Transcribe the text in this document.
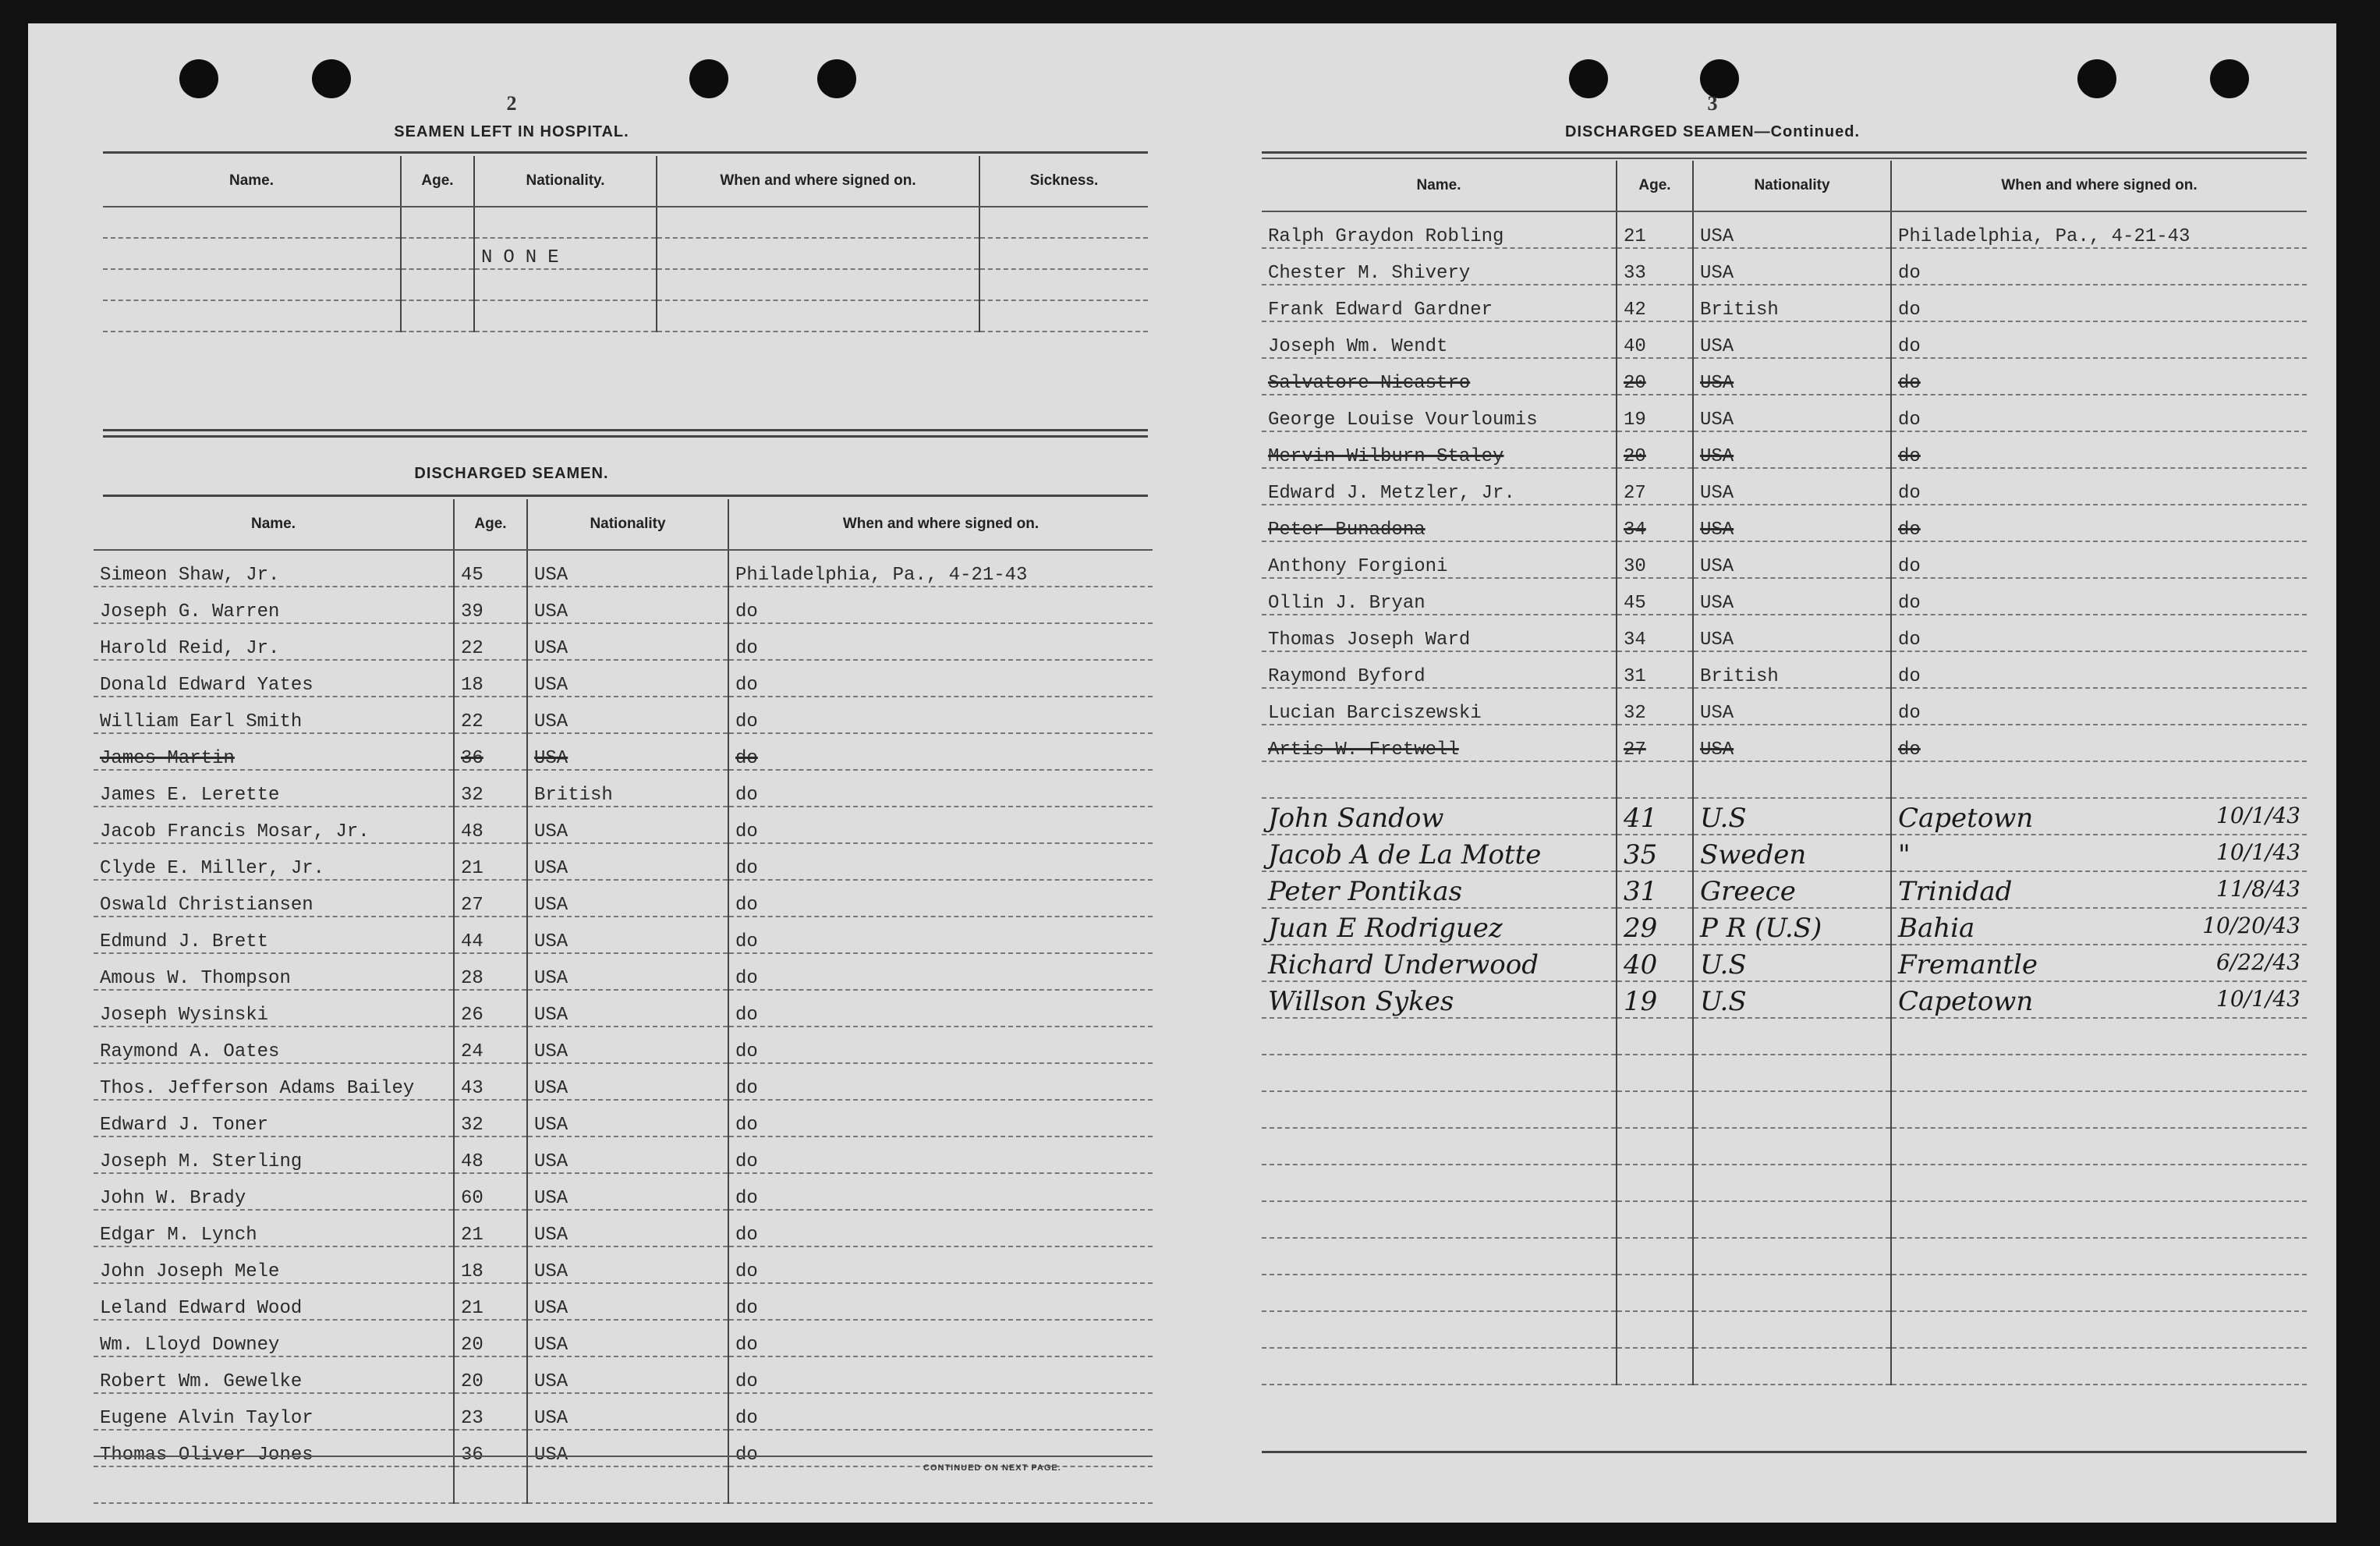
2
SEAMEN LEFT IN HOSPITAL.
Name.	Age.	Nationality.	When and where signed on.	Sickness.

		NONE		

DISCHARGED SEAMEN.
Name.	Age.	Nationality	When and where signed on.
Simeon Shaw, Jr.	45	USA	Philadelphia, Pa., 4-21-43
Joseph G. Warren	39	USA	do
Harold Reid, Jr.	22	USA	do
Donald Edward Yates	18	USA	do
William Earl Smith	22	USA	do
James Martin	36	USA	do
James E. Lerette	32	British	do
Jacob Francis Mosar, Jr.	48	USA	do
Clyde E. Miller, Jr.	21	USA	do
Oswald Christiansen	27	USA	do
Edmund J. Brett	44	USA	do
Amous W. Thompson	28	USA	do
Joseph Wysinski	26	USA	do
Raymond A. Oates	24	USA	do
Thos. Jefferson Adams Bailey	43	USA	do
Edward J. Toner	32	USA	do
Joseph M. Sterling	48	USA	do
John W. Brady	60	USA	do
Edgar M. Lynch	21	USA	do
John Joseph Mele	18	USA	do
Leland Edward Wood	21	USA	do
Wm. Lloyd Downey	20	USA	do
Robert Wm. Gewelke	20	USA	do
Eugene Alvin Taylor	23	USA	do
Thomas Oliver Jones	36	USA	do

CONTINUED ON NEXT PAGE.
3
DISCHARGED SEAMEN—Continued.
Name.	Age.	Nationality	When and where signed on.
Ralph Graydon Robling	21	USA	Philadelphia, Pa., 4-21-43
Chester M. Shivery	33	USA	do
Frank Edward Gardner	42	British	do
Joseph Wm. Wendt	40	USA	do
Salvatore Nicastro	20	USA	do
George Louise Vourloumis	19	USA	do
Mervin Wilburn Staley	20	USA	do
Edward J. Metzler, Jr.	27	USA	do
Peter Bunadona	34	USA	do
Anthony Forgioni	30	USA	do
Ollin J. Bryan	45	USA	do
Thomas Joseph Ward	34	USA	do
Raymond Byford	31	British	do
Lucian Barciszewski	32	USA	do
Artis W. Fretwell	27	USA	do

John Sandow	41	U.S	Capetown 10/1/43

Jacob A de La Motte	35	Sweden	" 10/1/43

Peter Pontikas	31	Greece	Trinidad 11/8/43

Juan E Rodriguez	29	P R (U.S)	Bahia 10/20/43

Richard Underwood	40	U.S	Fremantle 6/22/43

Willson Sykes	19	U.S	Capetown 10/1/43
